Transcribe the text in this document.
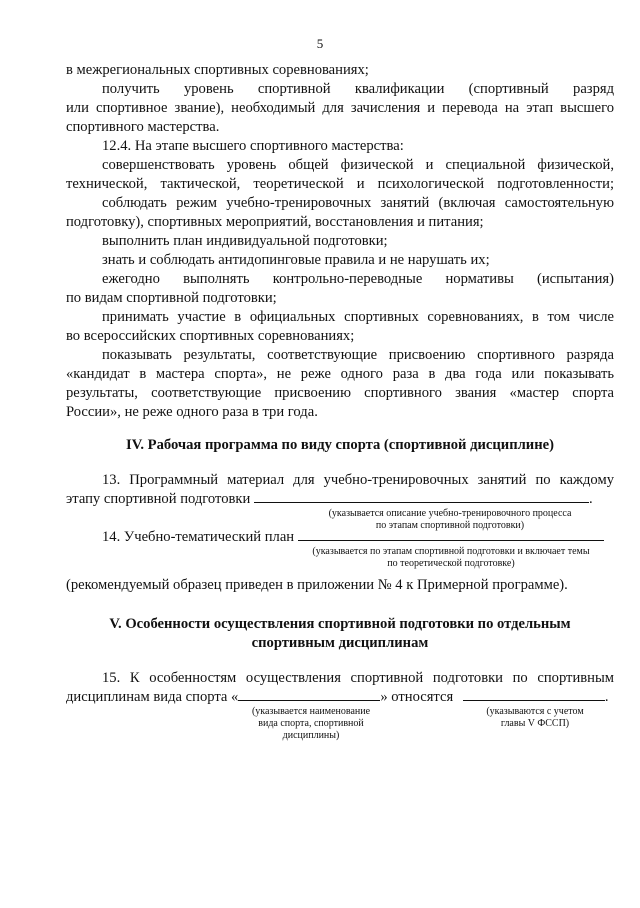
5
в межрегиональных спортивных соревнованиях;
получить уровень спортивной квалификации (спортивный разряд
или спортивное звание), необходимый для зачисления и перевода на этап высшего
спортивного мастерства.
12.4. На этапе высшего спортивного мастерства:
совершенствовать уровень общей физической и специальной физической,
технической, тактической, теоретической и психологической подготовленности;
соблюдать режим учебно-тренировочных занятий (включая самостоятельную
подготовку), спортивных мероприятий, восстановления и питания;
выполнить план индивидуальной подготовки;
знать и соблюдать антидопинговые правила и не нарушать их;
ежегодно выполнять контрольно-переводные нормативы (испытания)
по видам спортивной подготовки;
принимать участие в официальных спортивных соревнованиях, в том числе
во всероссийских спортивных соревнованиях;
показывать результаты, соответствующие присвоению спортивного разряда
«кандидат в мастера спорта», не реже одного раза в два года или показывать
результаты, соответствующие присвоению спортивного звания «мастер спорта
России», не реже одного раза в три года.
IV. Рабочая программа по виду спорта (спортивной дисциплине)
13. Программный материал для учебно-тренировочных занятий по каждому
этапу спортивной подготовки	.
(указывается описание учебно-тренировочного процесса
по этапам спортивной подготовки)
14. Учебно-тематический план
(указывается по этапам спортивной подготовки и включает темы
по теоретической подготовке)
(рекомендуемый образец приведен в приложении № 4 к Примерной программе).
V. Особенности осуществления спортивной подготовки по отдельным
спортивным дисциплинам
15. К особенностям осуществления спортивной подготовки по спортивным
дисциплинам вида спорта «	» относятся	.
(указывается наименование
вида спорта, спортивной
дисциплины)
(указываются с учетом
главы V ФССП)
